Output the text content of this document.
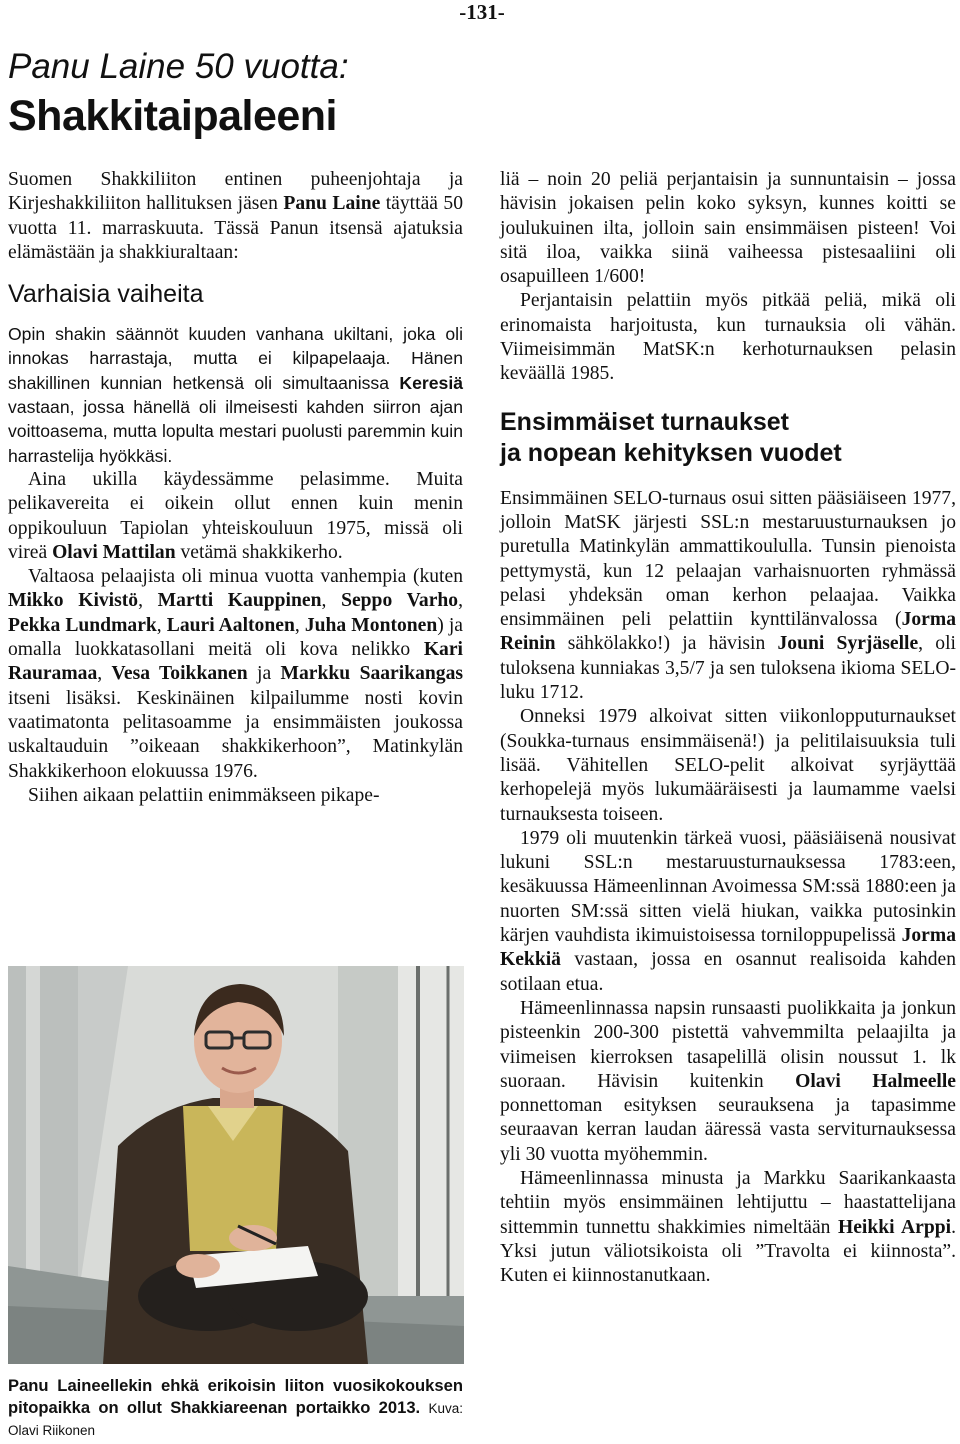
-131-
Panu Laine 50 vuotta:
Shakkitaipaleeni

Suomen Shakkiliiton entinen puheenjohtaja ja Kirjeshakkiliiton hallituksen jäsen Panu Laine täyttää 50 vuotta 11. marraskuuta. Tässä Panun itsensä ajatuksia elämästään ja shakkiuraltaan:

Varhaisia vaiheita

Opin shakin säännöt kuuden vanhana ukiltani, joka oli innokas harrastaja, mutta ei kilpapelaaja. Hänen shakillinen kunnian hetkensä oli simultaanissa Keresiä vastaan, jossa hänellä oli ilmeisesti kahden siirron ajan voittoasema, mutta lopulta mestari puolusti paremmin kuin harrastelija hyökkäsi.

Aina ukilla käydessämme pelasimme. Muita pelikavereita ei oikein ollut ennen kuin menin oppikouluun Tapiolan yhteiskouluun 1975, missä oli vireä Olavi Mattilan vetämä shakkikerho.

Valtaosa pelaajista oli minua vuotta vanhempia (kuten Mikko Kivistö, Martti Kauppinen, Seppo Varho, Pekka Lundmark, Lauri Aaltonen, Juha Montonen) ja omalla luokkatasollani meitä oli kova nelikko Kari Rauramaa, Vesa Toikkanen ja Markku Saarikangas itseni lisäksi. Keskinäinen kilpailumme nosti kovin vaatimatonta pelitasoamme ja ensimmäisten joukossa uskaltauduin ”oikeaan shakkikerhoon”, Matinkylän Shakkikerhoon elokuussa 1976.

Siihen aikaan pelattiin enimmäkseen pikape-

Panu Laineellekin ehkä erikoisin liiton vuosikokouksen pitopaikka on ollut Shakkiareenan portaikko 2013. Kuva: Olavi Riikonen

liä – noin 20 peliä perjantaisin ja sunnuntaisin – jossa hävisin jokaisen pelin koko syksyn, kunnes koitti se joulukuinen ilta, jolloin sain ensimmäisen pisteen! Voi sitä iloa, vaikka siinä vaiheessa pistesaaliini oli osapuilleen 1/600!

Perjantaisin pelattiin myös pitkää peliä, mikä oli erinomaista harjoitusta, kun turnauksia oli vähän. Viimeisimmän MatSK:n kerhoturnauksen pelasin keväällä 1985.

Ensimmäiset turnaukset
ja nopean kehityksen vuodet

Ensimmäinen SELO-turnaus osui sitten pääsiäiseen 1977, jolloin MatSK järjesti SSL:n mestaruusturnauksen jo puretulla Matinkylän ammattikoululla. Tunsin pienoista pettymystä, kun 12 pelaajan varhaisnuorten ryhmässä pelasi yhdeksän oman kerhon pelaajaa. Vaikka ensimmäinen peli pelattiin kynttilänvalossa (Jorma Reinin sähkölakko!) ja hävisin Jouni Syrjäselle, oli tuloksena kunniakas 3,5/7 ja sen tuloksena ikioma SELO-luku 1712.

Onneksi 1979 alkoivat sitten viikonlopputurnaukset (Soukka-turnaus ensimmäisenä!) ja pelitilaisuuksia tuli lisää. Vähitellen SELO-pelit alkoivat syrjäyttää kerhopelejä myös lukumääräisesti ja laumamme vaelsi turnauksesta toiseen.

1979 oli muutenkin tärkeä vuosi, pääsiäisenä nousivat lukuni SSL:n mestaruusturnauksessa 1783:een, kesäkuussa Hämeenlinnan Avoimessa SM:ssä 1880:een ja nuorten SM:ssä sitten vielä hiukan, vaikka putosinkin kärjen vauhdista ikimuistoisessa torniloppupelissä Jorma Kekkiä vastaan, jossa en osannut realisoida kahden sotilaan etua.

Hämeenlinnassa napsin runsaasti puolikkaita ja jonkun pisteenkin 200-300 pistettä vahvemmilta pelaajilta ja viimeisen kierroksen tasapelillä olisin noussut 1. lk suoraan. Hävisin kuitenkin Olavi Halmeelle ponnettoman esityksen seurauksena ja tapasimme seuraavan kerran laudan ääressä vasta serviturnauksessa yli 30 vuotta myöhemmin.

Hämeenlinnassa minusta ja Markku Saarikankaasta tehtiin myös ensimmäinen lehtijuttu – haastattelijana sittemmin tunnettu shakkimies nimeltään Heikki Arppi. Yksi jutun väliotsikoista oli ”Travolta ei kiinnosta”. Kuten ei kiinnostanutkaan.
